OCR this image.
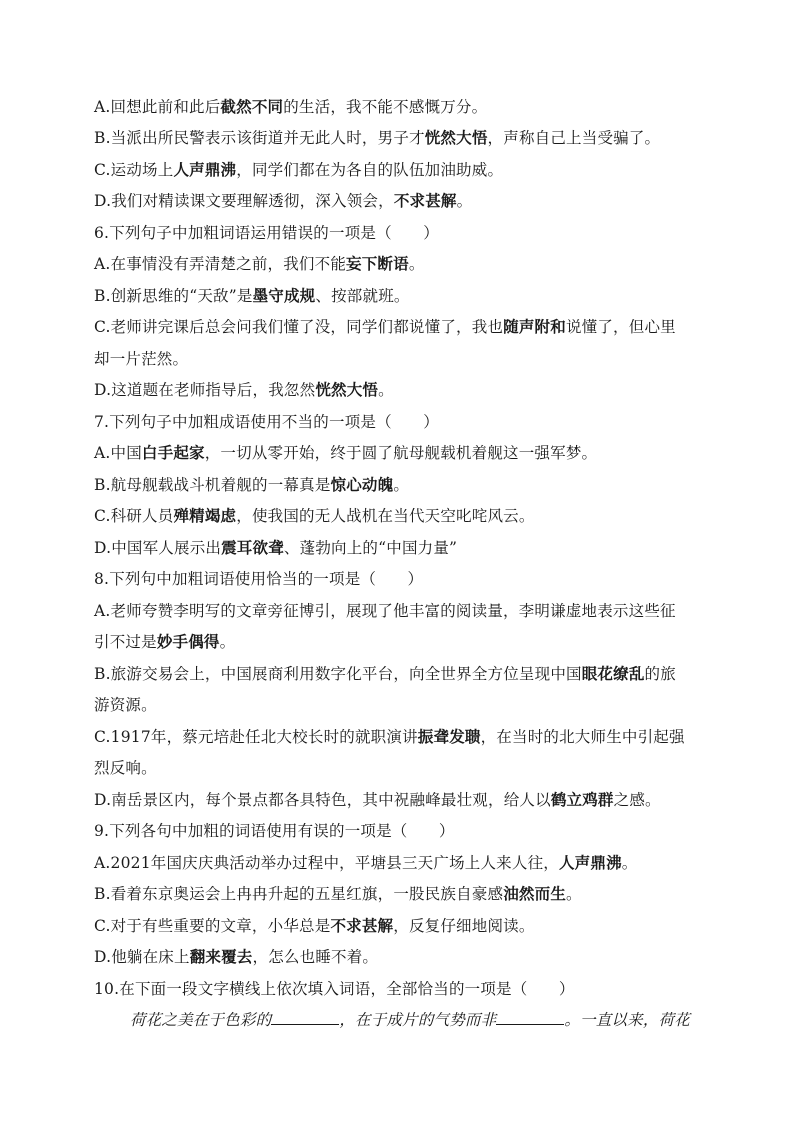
A.回想此前和此后截然不同的生活，我不能不感慨万分。
B.当派出所民警表示该街道并无此人时，男子才恍然大悟，声称自己上当受骗了。
C.运动场上人声鼎沸，同学们都在为各自的队伍加油助威。
D.我们对精读课文要理解透彻，深入领会，不求甚解。
6.下列句子中加粗词语运用错误的一项是（　　）
A.在事情没有弄清楚之前，我们不能妄下断语。
B.创新思维的“天敌”是墨守成规、按部就班。
C.老师讲完课后总会问我们懂了没，同学们都说懂了，我也随声附和说懂了，但心里
却一片茫然。
D.这道题在老师指导后，我忽然恍然大悟。
7.下列句子中加粗成语使用不当的一项是（　　）
A.中国白手起家，一切从零开始，终于圆了航母舰载机着舰这一强军梦。
B.航母舰载战斗机着舰的一幕真是惊心动魄。
C.科研人员殚精竭虑，使我国的无人战机在当代天空叱咤风云。
D.中国军人展示出震耳欲聋、蓬勃向上的“中国力量”
8.下列句中加粗词语使用恰当的一项是（　　）
A.老师夸赞李明写的文章旁征博引，展现了他丰富的阅读量，李明谦虚地表示这些征
引不过是妙手偶得。
B.旅游交易会上，中国展商利用数字化平台，向全世界全方位呈现中国眼花缭乱的旅
游资源。
C.1917年，蔡元培赴任北大校长时的就职演讲振聋发聩，在当时的北大师生中引起强
烈反响。
D.南岳景区内，每个景点都各具特色，其中祝融峰最壮观，给人以鹤立鸡群之感。
9.下列各句中加粗的词语使用有误的一项是（　　）
A.2021年国庆庆典活动举办过程中，平塘县三天广场上人来人往，人声鼎沸。
B.看着东京奥运会上冉冉升起的五星红旗，一股民族自豪感油然而生。
C.对于有些重要的文章，小华总是不求甚解，反复仔细地阅读。
D.他躺在床上翻来覆去，怎么也睡不着。
10.在下面一段文字横线上依次填入词语，全部恰当的一项是（　　）
荷花之美在于色彩的	，在于成片的气势而非	。一直以来，荷花
